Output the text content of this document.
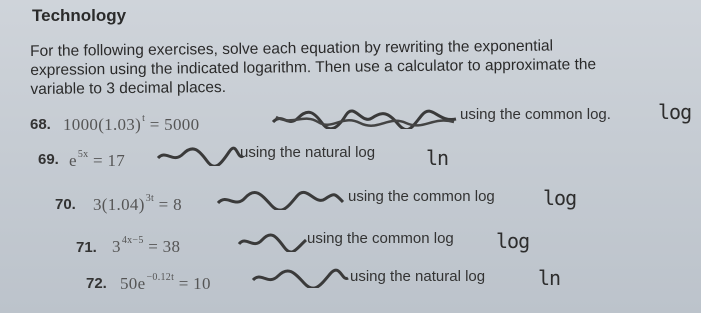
Technology
For the following exercises, solve each equation by rewriting the exponential
expression using the indicated logarithm. Then use a calculator to approximate the
variable to 3 decimal places.
68. $1000(1.03)^t = 5000$
using the common log. log
69. $e^{5x} = 17$	using the natural log	ln
70. $3(1.04)^{3t} = 8$	using the common log log
71. $3^{4x-5} = 38$	using the common log log
72. $50e^{-0.12t} = 10$	using the natural log	ln
